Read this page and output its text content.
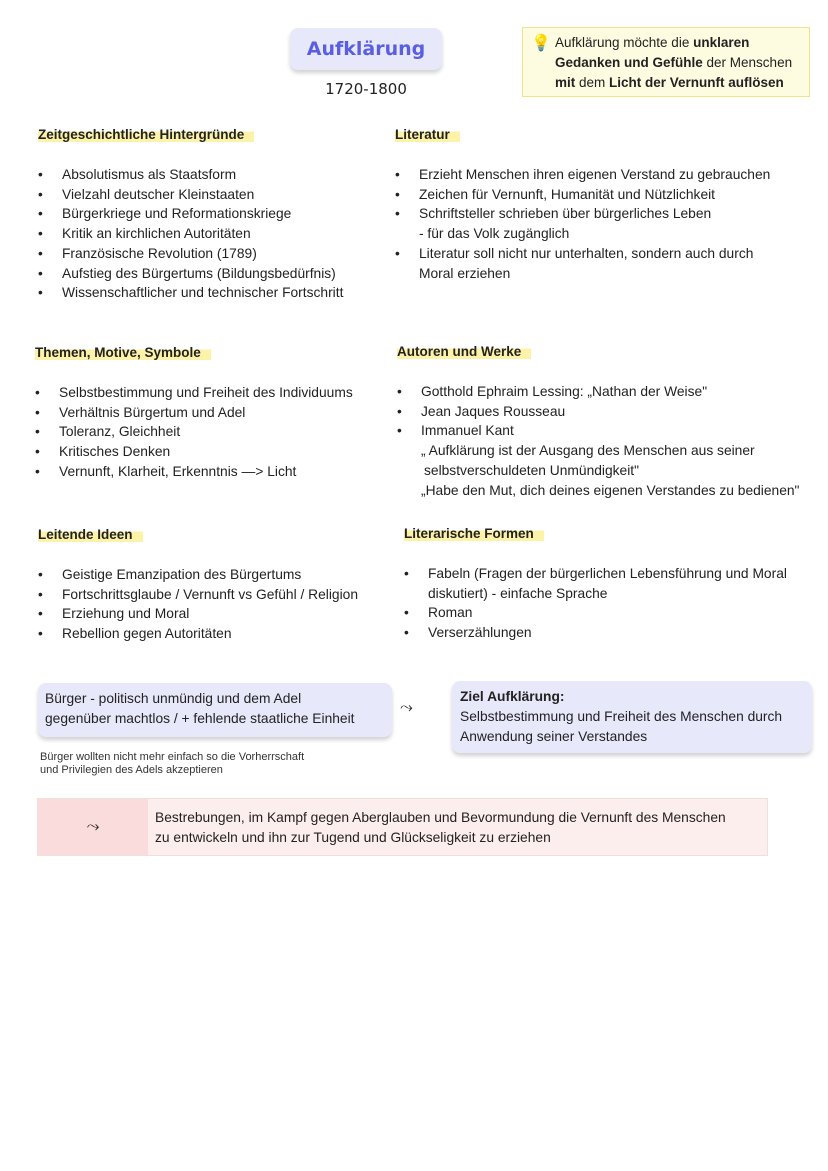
Aufklärung
1720-1800
💡 Aufklärung möchte die unklaren Gedanken und Gefühle der Menschen mit dem Licht der Vernunft auflösen
Zeitgeschichtliche Hintergründe
• Absolutismus als Staatsform
• Vielzahl deutscher Kleinstaaten
• Bürgerkriege und Reformationskriege
• Kritik an kirchlichen Autoritäten
• Französische Revolution (1789)
• Aufstieg des Bürgertums (Bildungsbedürfnis)
• Wissenschaftlicher und technischer Fortschritt
Literatur
• Erzieht Menschen ihren eigenen Verstand zu gebrauchen
• Zeichen für Vernunft, Humanität und Nützlichkeit
• Schriftsteller schrieben über bürgerliches Leben
- für das Volk zugänglich
• Literatur soll nicht nur unterhalten, sondern auch durch
Moral erziehen
Themen, Motive, Symbole
• Selbstbestimmung und Freiheit des Individuums
• Verhältnis Bürgertum und Adel
• Toleranz, Gleichheit
• Kritisches Denken
• Vernunft, Klarheit, Erkenntnis —> Licht
Autoren und Werke
• Gotthold Ephraim Lessing: „Nathan der Weise"
• Jean Jaques Rousseau
• Immanuel Kant
„ Aufklärung ist der Ausgang des Menschen aus seiner
selbstverschuldeten Unmündigkeit"
„Habe den Mut, dich deines eigenen Verstandes zu bedienen"
Leitende Ideen
• Geistige Emanzipation des Bürgertums
• Fortschrittsglaube / Vernunft vs Gefühl / Religion
• Erziehung und Moral
• Rebellion gegen Autoritäten
Literarische Formen
• Fabeln (Fragen der bürgerlichen Lebensführung und Moral
diskutiert) - einfache Sprache
• Roman
• Verserzählungen
Bürger - politisch unmündig und dem Adel
gegenüber machtlos / + fehlende staatliche Einheit
⤳
Ziel Aufklärung:
Selbstbestimmung und Freiheit des Menschen durch
Anwendung seiner Verstandes
Bürger wollten nicht mehr einfach so die Vorherrschaft
und Privilegien des Adels akzeptieren
⤳
Bestrebungen, im Kampf gegen Aberglauben und Bevormundung die Vernunft des Menschen
zu entwickeln und ihn zur Tugend und Glückseligkeit zu erziehen
